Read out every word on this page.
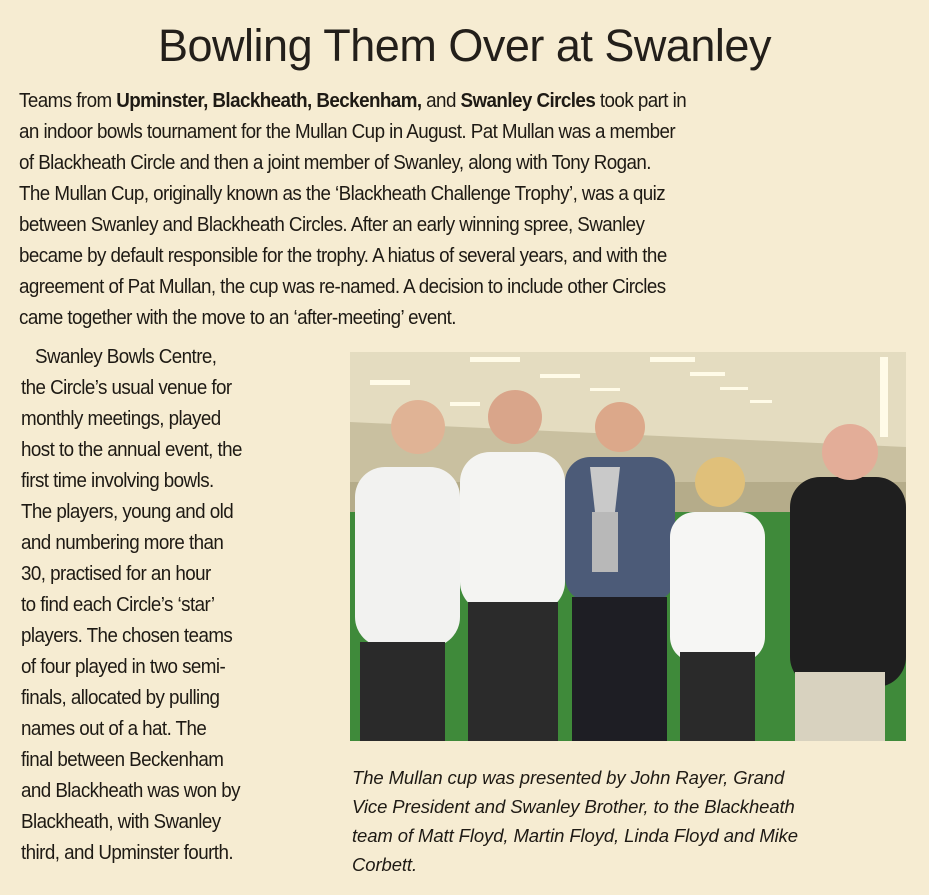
Bowling Them Over at Swanley
Teams from Upminster, Blackheath, Beckenham, and Swanley Circles took part in
an indoor bowls tournament for the Mullan Cup in August. Pat Mullan was a member
of Blackheath Circle and then a joint member of Swanley, along with Tony Rogan.
The Mullan Cup, originally known as the ‘Blackheath Challenge Trophy’, was a quiz
between Swanley and Blackheath Circles. After an early winning spree, Swanley
became by default responsible for the trophy. A hiatus of several years, and with the
agreement of Pat Mullan, the cup was re-named. A decision to include other Circles
came together with the move to an ‘after-meeting’ event.
Swanley Bowls Centre,
the Circle’s usual venue for
monthly meetings, played
host to the annual event, the
first time involving bowls.
The players, young and old
and numbering more than
30, practised for an hour
to find each Circle’s ‘star’
players. The chosen teams
of four played in two semi-
finals, allocated by pulling
names out of a hat. The
final between Beckenham
and Blackheath was won by
Blackheath, with Swanley
third, and Upminster fourth.
The Mullan cup was presented by John Rayer, Grand
Vice President and Swanley Brother, to the Blackheath
team of Matt Floyd, Martin Floyd, Linda Floyd and Mike
Corbett.
